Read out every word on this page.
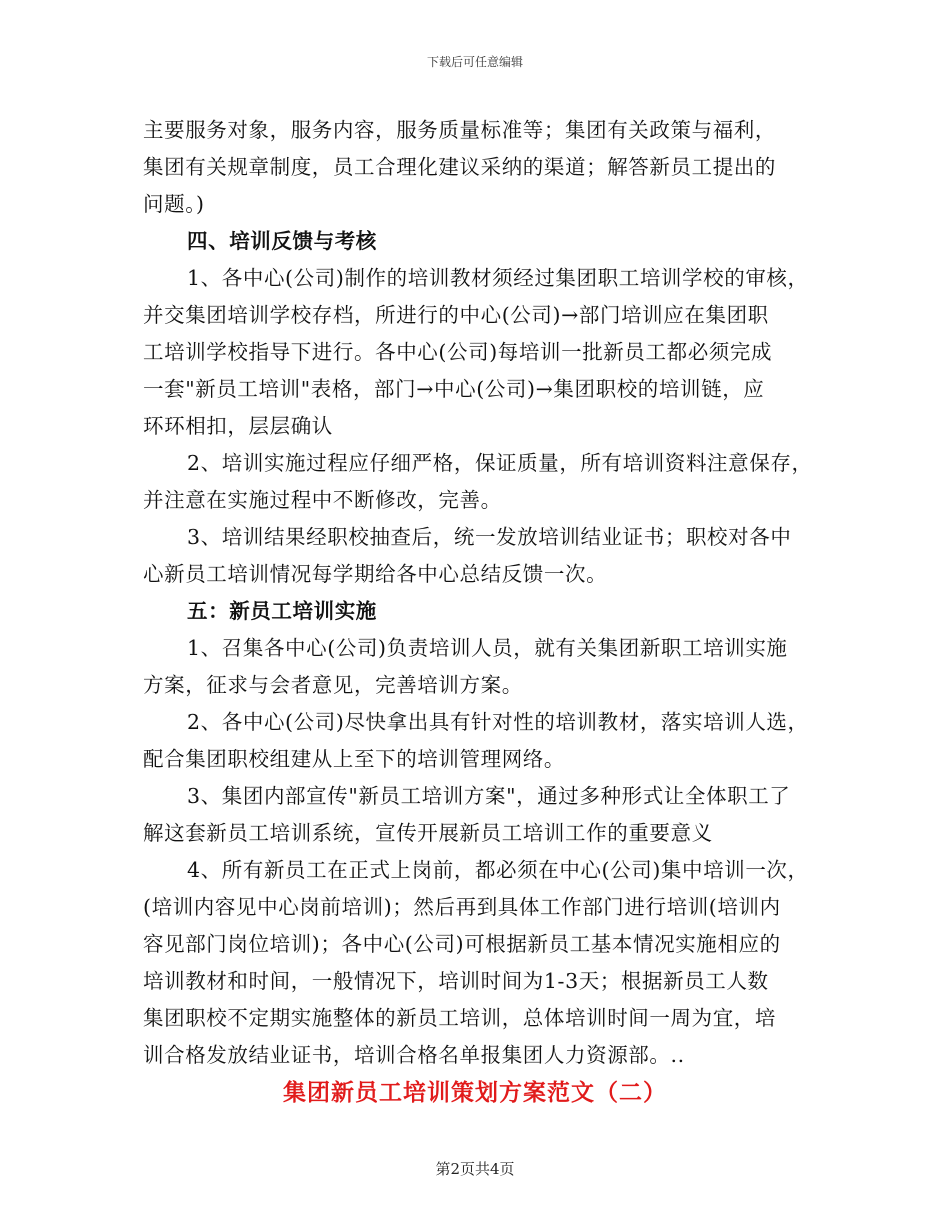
下载后可任意编辑
主要服务对象，服务内容，服务质量标准等；集团有关政策与福利，
集团有关规章制度，员工合理化建议采纳的渠道；解答新员工提出的
问题。)
四、培训反馈与考核
1、各中心(公司)制作的培训教材须经过集团职工培训学校的审核，
并交集团培训学校存档，所进行的中心(公司)→部门培训应在集团职
工培训学校指导下进行。各中心(公司)每培训一批新员工都必须完成
一套"新员工培训"表格，部门→中心(公司)→集团职校的培训链，应
环环相扣，层层确认
2、培训实施过程应仔细严格，保证质量，所有培训资料注意保存，
并注意在实施过程中不断修改，完善。
3、培训结果经职校抽查后，统一发放培训结业证书；职校对各中
心新员工培训情况每学期给各中心总结反馈一次。
五：新员工培训实施
1、召集各中心(公司)负责培训人员，就有关集团新职工培训实施
方案，征求与会者意见，完善培训方案。
2、各中心(公司)尽快拿出具有针对性的培训教材，落实培训人选，
配合集团职校组建从上至下的培训管理网络。
3、集团内部宣传"新员工培训方案"，通过多种形式让全体职工了
解这套新员工培训系统，宣传开展新员工培训工作的重要意义
4、所有新员工在正式上岗前，都必须在中心(公司)集中培训一次，
(培训内容见中心岗前培训)；然后再到具体工作部门进行培训(培训内
容见部门岗位培训)；各中心(公司)可根据新员工基本情况实施相应的
培训教材和时间，一般情况下，培训时间为1-3天；根据新员工人数
集团职校不定期实施整体的新员工培训，总体培训时间一周为宜，培
训合格发放结业证书，培训合格名单报集团人力资源部。..
集团新员工培训策划方案范文（二）
第2页共4页
